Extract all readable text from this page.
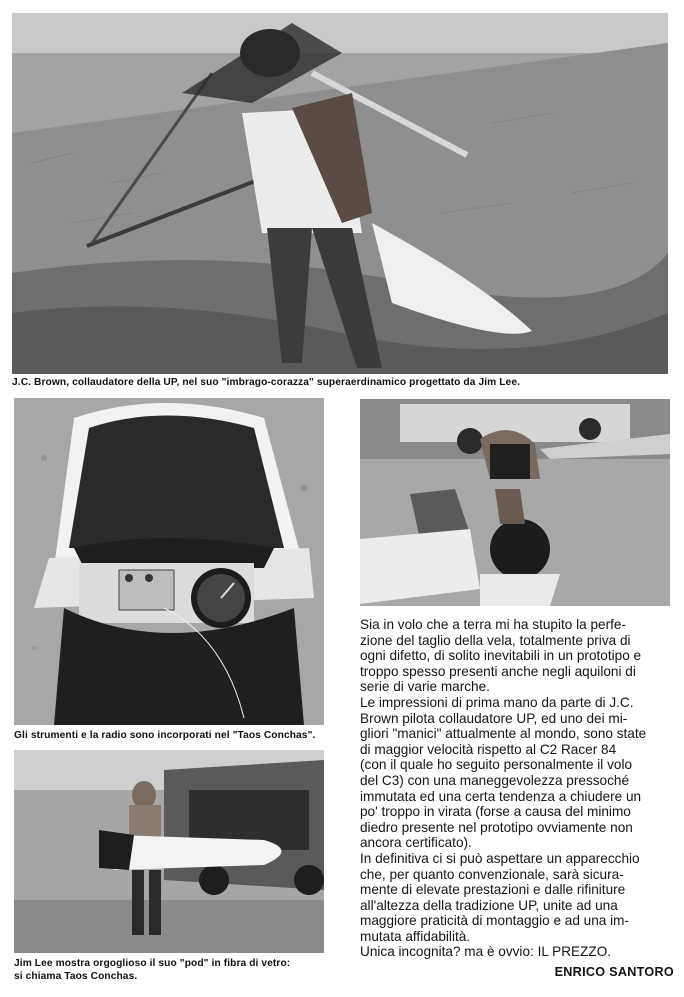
J.C. Brown, collaudatore della UP, nel suo "imbrago-corazza" superaerdinamico progettato da Jim Lee.
Gli strumenti e la radio sono incorporati nel "Taos Conchas".
Jim Lee mostra orgoglioso il suo "pod" in fibra di vetro:
si chiama Taos Conchas.

Sia in volo che a terra mi ha stupito la perfe-

zione del taglio della vela, totalmente priva di

ogni difetto, di solito inevitabili in un prototipo e

troppo spesso presenti anche negli aquiloni di

serie di varie marche.

Le impressioni di prima mano da parte di J.C.

Brown pilota collaudatore UP, ed uno dei mi-

gliori "manici" attualmente al mondo, sono state

di maggior velocità rispetto al C2 Racer 84

(con il quale ho seguito personalmente il volo

del C3) con una maneggevolezza pressoché

immutata ed una certa tendenza a chiudere un

po' troppo in virata (forse a causa del minimo

diedro presente nel prototipo ovviamente non

ancora certificato).

In definitiva ci si può aspettare un apparecchio

che, per quanto convenzionale, sarà sicura-

mente di elevate prestazioni e dalle rifiniture

all'altezza della tradizione UP, unite ad una

maggiore praticità di montaggio e ad una im-

mutata affidabilità.

Unica incognita? ma è ovvio: IL PREZZO.

ENRICO SANTORO
